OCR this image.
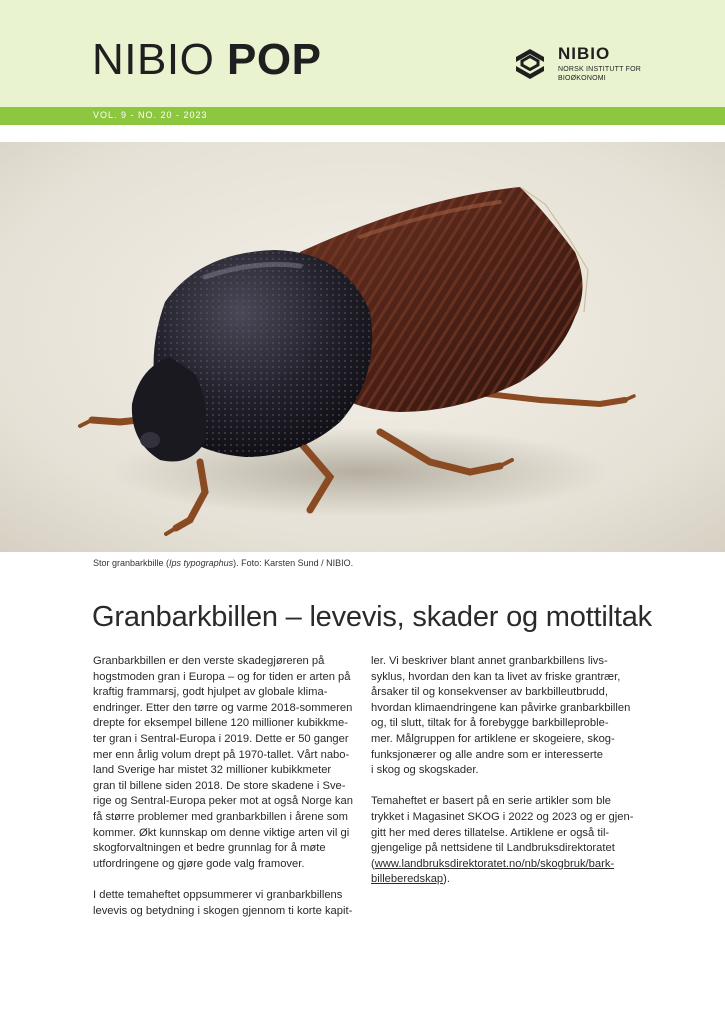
NIBIO POP	NIBIO
NORSK INSTITUTT FOR
BIOØKONOMI
VOL. 9 - NO. 20 - 2023
Stor granbarkbille (Ips typographus). Foto: Karsten Sund / NIBIO.
Granbarkbillen – levevis, skader og mottiltak

Granbarkbillen er den verste skadegjøreren på
hogstmoden gran i Europa – og for tiden er arten på
kraftig frammarsj, godt hjulpet av globale klima-
endringer. Etter den tørre og varme 2018-sommeren
drepte for eksempel billene 120 millioner kubikkme-
ter gran i Sentral-Europa i 2019. Dette er 50 ganger
mer enn årlig volum drept på 1970-tallet. Vårt nabo-
land Sverige har mistet 32 millioner kubikkmeter
gran til billene siden 2018. De store skadene i Sve-
rige og Sentral-Europa peker mot at også Norge kan
få større problemer med granbarkbillen i årene som
kommer. Økt kunnskap om denne viktige arten vil gi
skogforvaltningen et bedre grunnlag for å møte
utfordringene og gjøre gode valg framover.

I dette temaheftet oppsummerer vi granbarkbillens
levevis og betydning i skogen gjennom ti korte kapit-

ler. Vi beskriver blant annet granbarkbillens livs-
syklus, hvordan den kan ta livet av friske grantrær,
årsaker til og konsekvenser av barkbilleutbrudd,
hvordan klimaendringene kan påvirke granbarkbillen
og, til slutt, tiltak for å forebygge barkbilleproble-
mer. Målgruppen for artiklene er skogeiere, skog-
funksjonærer og alle andre som er interesserte
i skog og skogskader.

Temaheftet er basert på en serie artikler som ble
trykket i Magasinet SKOG i 2022 og 2023 og er gjen-
gitt her med deres tillatelse. Artiklene er også til-
gjengelige på nettsidene til Landbruksdirektoratet
(www.landbruksdirektoratet.no/nb/skogbruk/bark-
billeberedskap).
